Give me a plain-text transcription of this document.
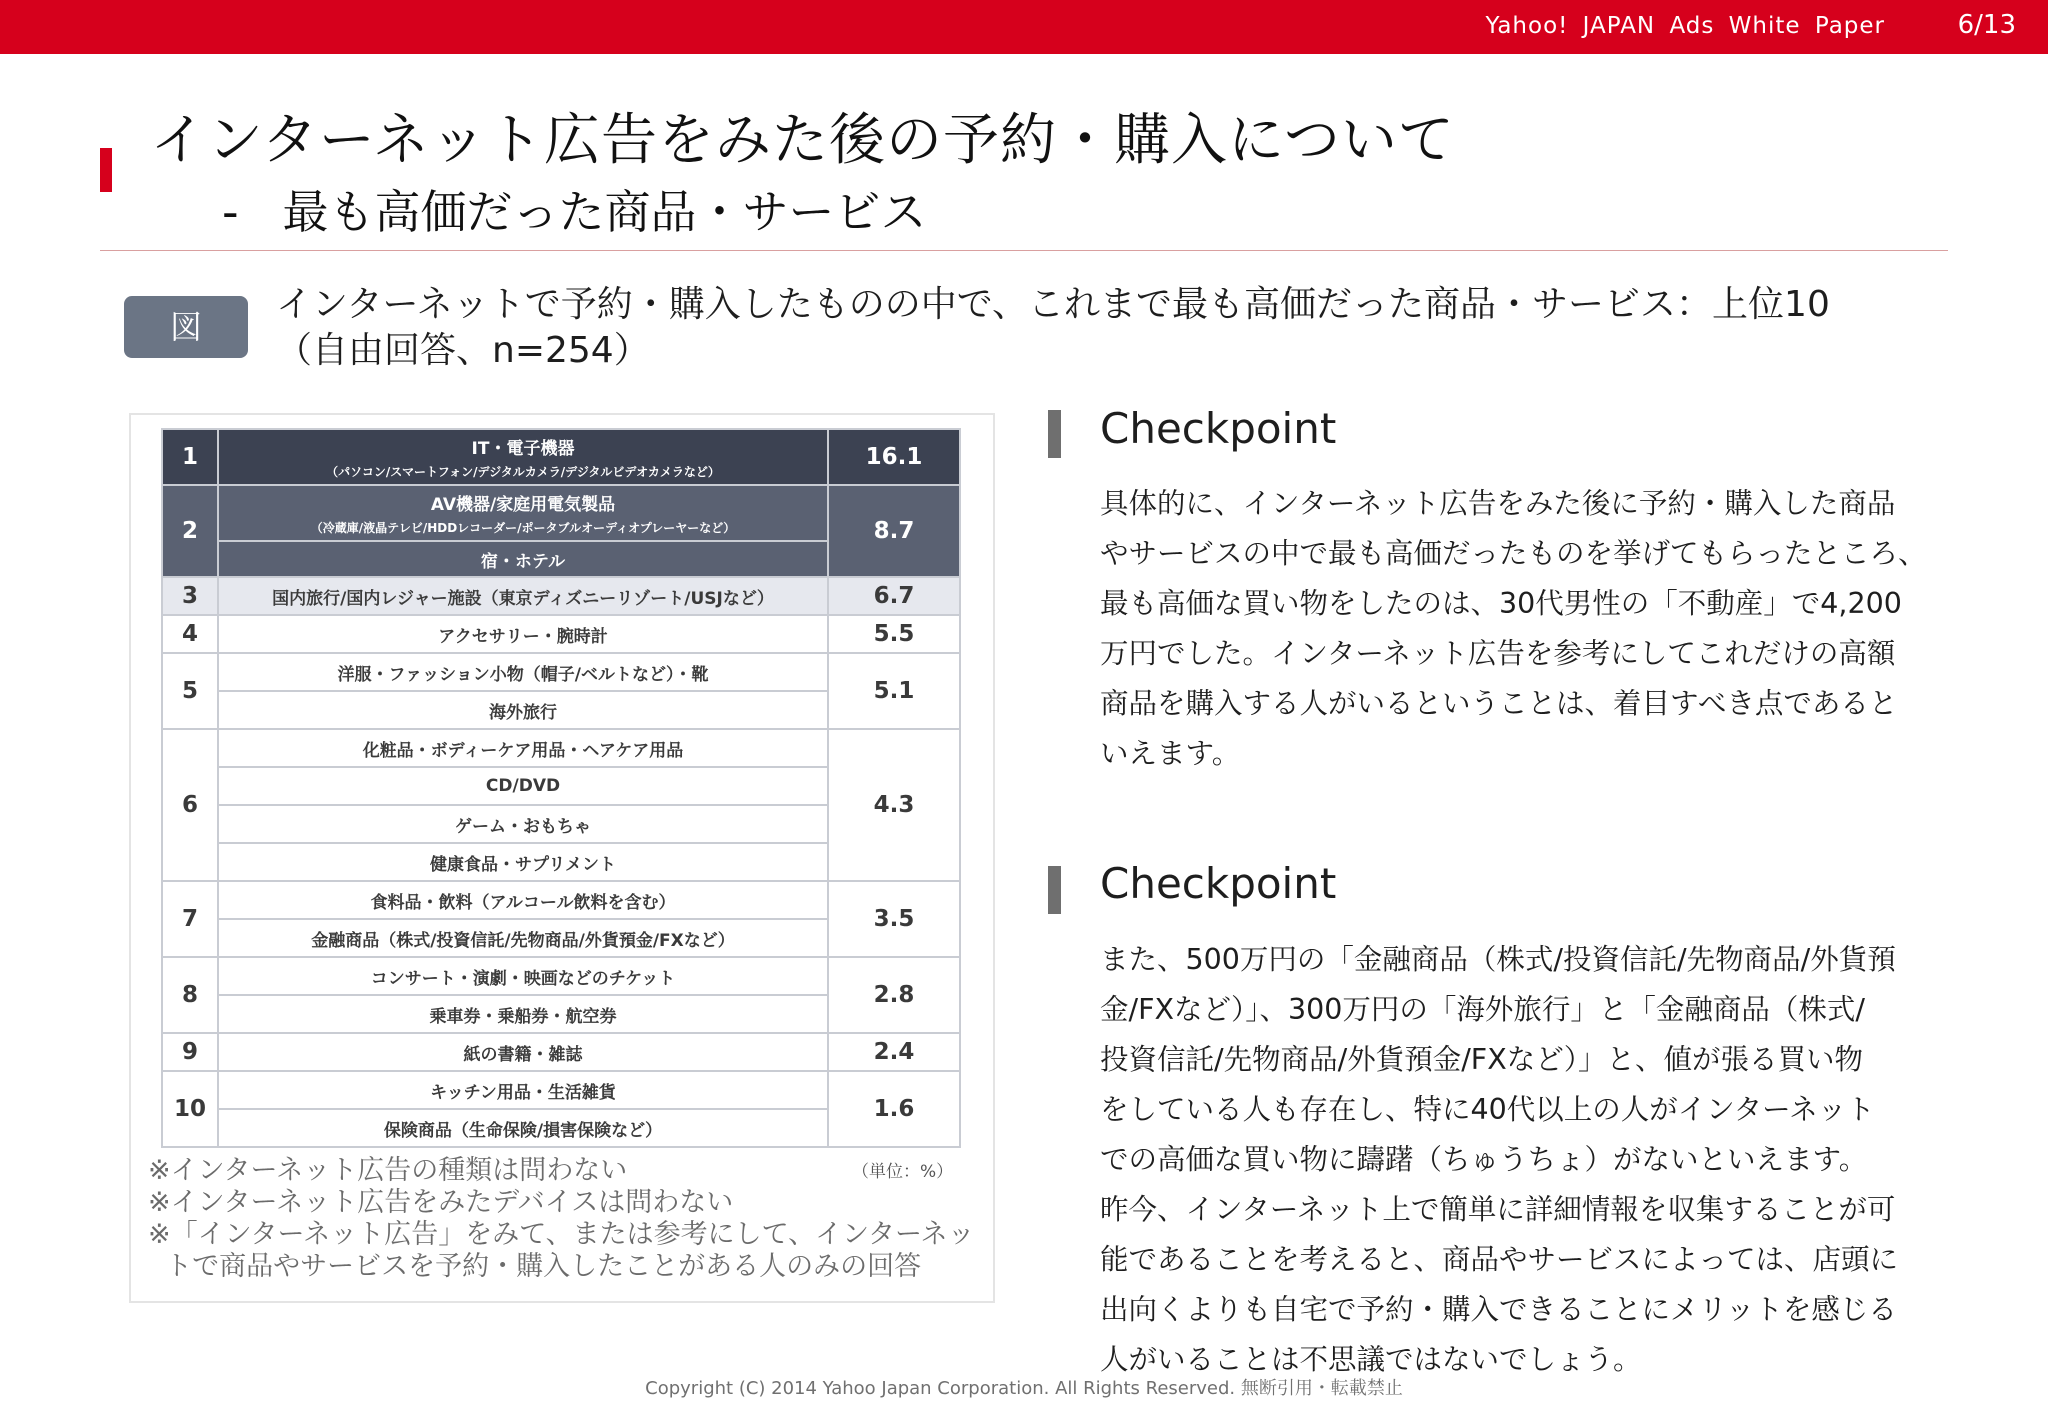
Yahoo! JAPAN Ads White Paper	6/13
インターネット広告をみた後の予約・購入について
-   最も高価だった商品・サービス
図
インターネットで予約・購入したものの中で、これまで最も高価だった商品・サービス：上位10
（自由回答、n=254）
1	IT・電子機器
（パソコン/スマートフォン/デジタルカメラ/デジタルビデオカメラなど）	16.1
2	AV機器/家庭用電気製品
（冷蔵庫/液晶テレビ/HDDレコーダー/ポータブルオーディオプレーヤーなど）	8.7
	宿・ホテル	
3	国内旅行/国内レジャー施設（東京ディズニーリゾート/USJなど）	6.7
4	アクセサリー・腕時計	5.5
5	洋服・ファッション小物（帽子/ベルトなど）・靴	5.1
	海外旅行	
6	化粧品・ボディーケア用品・ヘアケア用品	4.3
	CD/DVD	
	ゲーム・おもちゃ	
	健康食品・サプリメント	
7	食料品・飲料（アルコール飲料を含む）	3.5
	金融商品（株式/投資信託/先物商品/外貨預金/FXなど）	
8	コンサート・演劇・映画などのチケット	2.8
	乗車券・乗船券・航空券	
9	紙の書籍・雑誌	2.4
10	キッチン用品・生活雑貨	1.6
	保険商品（生命保険/損害保険など）	
（単位：%）
※インターネット広告の種類は問わない
※インターネット広告をみたデバイスは問わない
※「インターネット広告」をみて、または参考にして、インターネッ
トで商品やサービスを予約・購入したことがある人のみの回答
Checkpoint
具体的に、インターネット広告をみた後に予約・購入した商品
やサービスの中で最も高価だったものを挙げてもらったところ、
最も高価な買い物をしたのは、30代男性の「不動産」で4,200
万円でした。インターネット広告を参考にしてこれだけの高額
商品を購入する人がいるということは、着目すべき点であると
いえます。
Checkpoint
また、500万円の「金融商品（株式/投資信託/先物商品/外貨預
金/FXなど）」、300万円の「海外旅行」と「金融商品（株式/
投資信託/先物商品/外貨預金/FXなど）」と、値が張る買い物
をしている人も存在し、特に40代以上の人がインターネット
での高価な買い物に躊躇（ちゅうちょ）がないといえます。
昨今、インターネット上で簡単に詳細情報を収集することが可
能であることを考えると、商品やサービスによっては、店頭に
出向くよりも自宅で予約・購入できることにメリットを感じる
人がいることは不思議ではないでしょう。
Copyright (C) 2014 Yahoo Japan Corporation. All Rights Reserved. 無断引用・転載禁止
